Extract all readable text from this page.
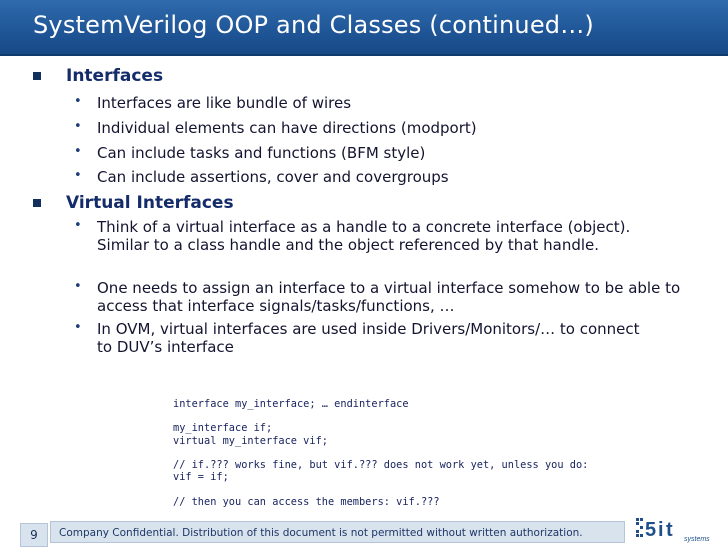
SystemVerilog OOP and Classes (continued…)
Interfaces
• Interfaces are like bundle of wires
• Individual elements can have directions (modport)
• Can include tasks and functions (BFM style)
• Can include assertions, cover and covergroups
Virtual Interfaces
• Think of a virtual interface as a handle to a concrete interface (object). Similar to a class handle and the object referenced by that handle.
• One needs to assign an interface to a virtual interface somehow to be able to access that interface signals/tasks/functions, …
• In OVM, virtual interfaces are used inside Drivers/Monitors/… to connect to DUV’s interface
interface my_interface; … endinterface

my_interface if;
virtual my_interface vif;

// if.??? works fine, but vif.??? does not work yet, unless you do:
vif = if;

// then you can access the members: vif.???
9	Company Confidential. Distribution of this document is not permitted without written authorization.	5 i t systems
